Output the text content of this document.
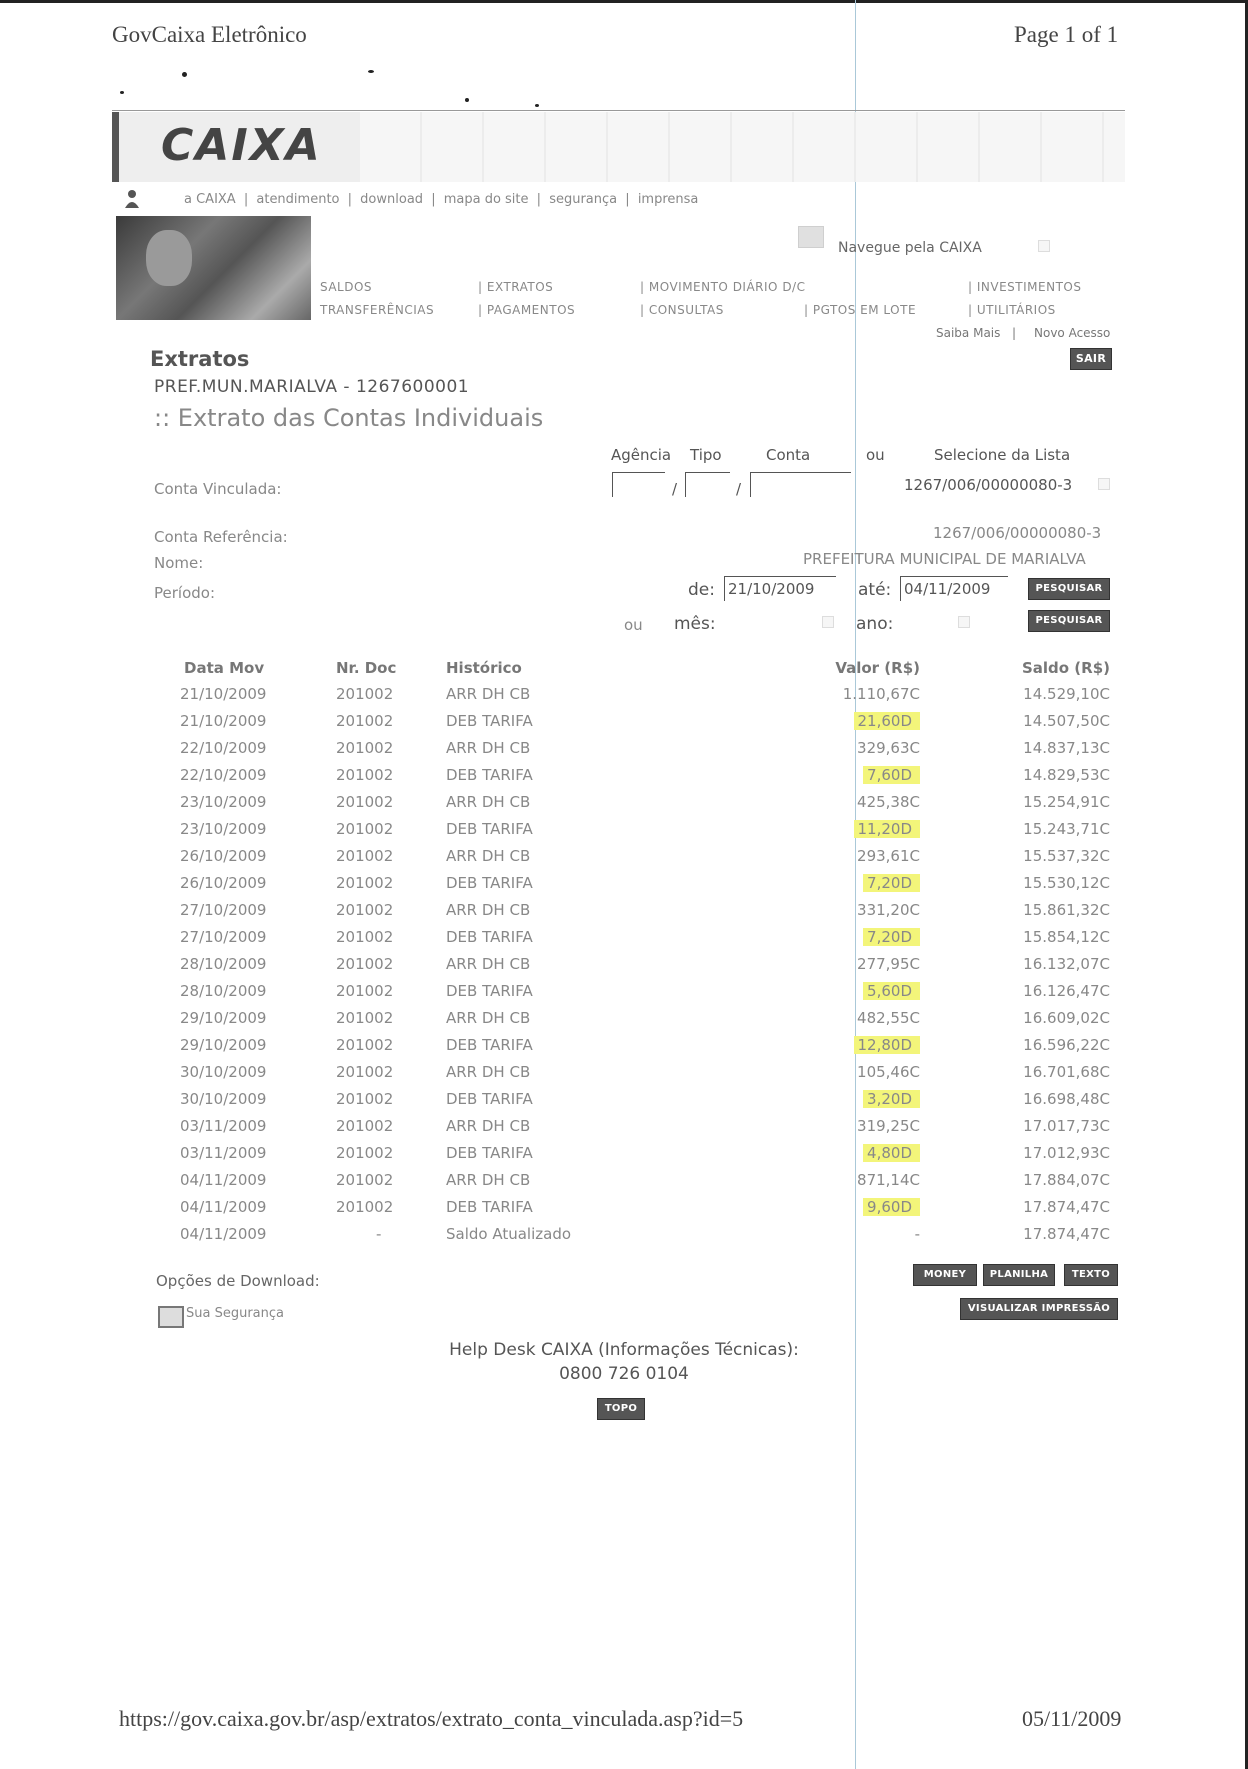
GovCaixa Eletrônico	Page 1 of 1
CAIXA
a CAIXA | atendimento | download | mapa do site | segurança | imprensa
Navegue pela CAIXA
SALDOS	| EXTRATOS	| MOVIMENTO DIÁRIO D/C	| INVESTIMENTOS
TRANSFERÊNCIAS	| PAGAMENTOS	| CONSULTAS	| PGTOS EM LOTE	| UTILITÁRIOS
Saiba Mais | Novo Acesso
SAIR
Extratos
PREF.MUN.MARIALVA - 1267600001
:: Extrato das Contas Individuais
Agência Tipo	Conta	ou	Selecione da Lista
Conta Vinculada:	/	/	1267/006/00000080-3
Conta Referência:	1267/006/00000080-3
Nome:	PREFEITURA MUNICIPAL DE MARIALVA
Período:	de: 21/10/2009	até: 04/11/2009	PESQUISAR
ou mês:	ano:	PESQUISAR
Data Mov	Nr. Doc	Histórico	Valor (R$)	Saldo (R$)
21/10/2009	201002	ARR DH CB	1.110,67C	14.529,10C
21/10/2009	201002	DEB TARIFA	21,60D	14.507,50C
22/10/2009	201002	ARR DH CB	329,63C	14.837,13C
22/10/2009	201002	DEB TARIFA	7,60D	14.829,53C
23/10/2009	201002	ARR DH CB	425,38C	15.254,91C
23/10/2009	201002	DEB TARIFA	11,20D	15.243,71C
26/10/2009	201002	ARR DH CB	293,61C	15.537,32C
26/10/2009	201002	DEB TARIFA	7,20D	15.530,12C
27/10/2009	201002	ARR DH CB	331,20C	15.861,32C
27/10/2009	201002	DEB TARIFA	7,20D	15.854,12C
28/10/2009	201002	ARR DH CB	277,95C	16.132,07C
28/10/2009	201002	DEB TARIFA	5,60D	16.126,47C
29/10/2009	201002	ARR DH CB	482,55C	16.609,02C
29/10/2009	201002	DEB TARIFA	12,80D	16.596,22C
30/10/2009	201002	ARR DH CB	105,46C	16.701,68C
30/10/2009	201002	DEB TARIFA	3,20D	16.698,48C
03/11/2009	201002	ARR DH CB	319,25C	17.017,73C
03/11/2009	201002	DEB TARIFA	4,80D	17.012,93C
04/11/2009	201002	ARR DH CB	871,14C	17.884,07C
04/11/2009	201002	DEB TARIFA	9,60D	17.874,47C
04/11/2009	-	Saldo Atualizado	-	17.874,47C
Opções de Download:	MONEY	PLANILHA	TEXTO
VISUALIZAR IMPRESSÃO
Sua Segurança
Help Desk CAIXA (Informações Técnicas):
0800 726 0104
TOPO
https://gov.caixa.gov.br/asp/extratos/extrato_conta_vinculada.asp?id=5	05/11/2009
